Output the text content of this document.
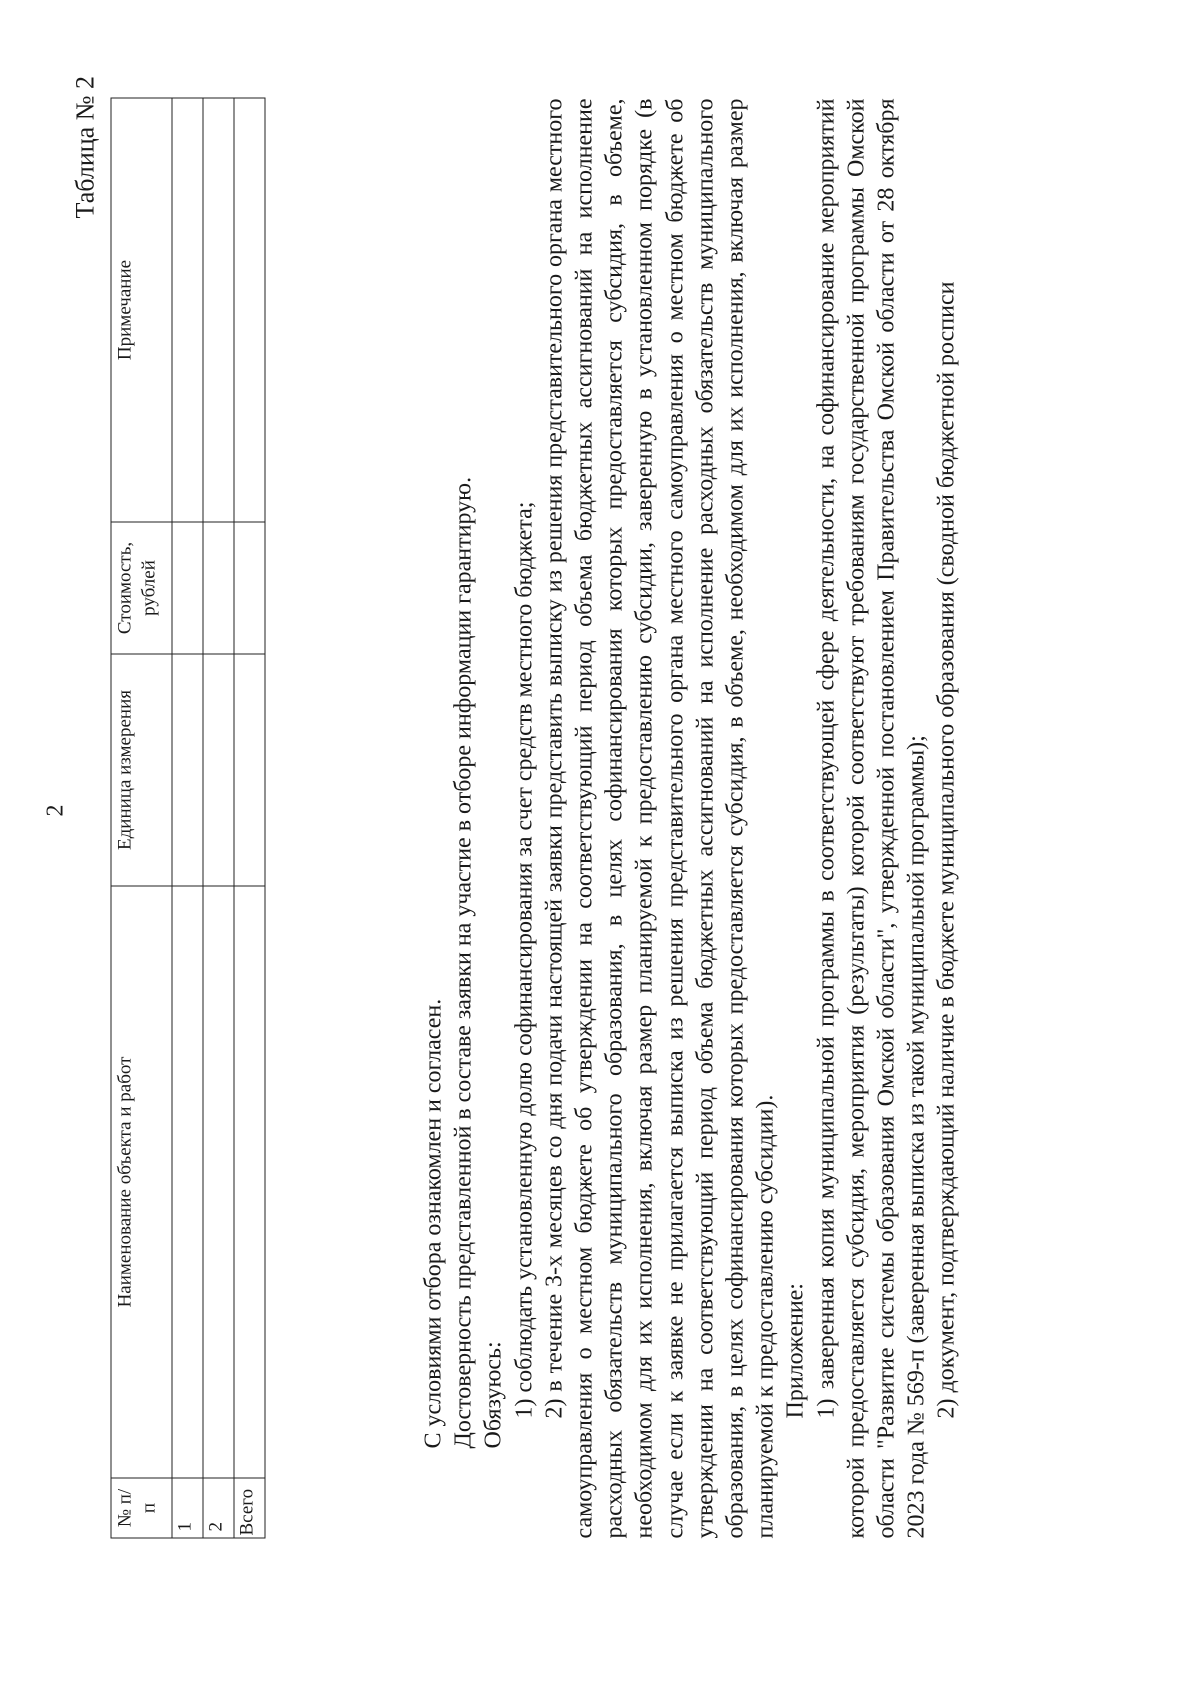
2
Таблица № 2
№ п/п	Наименование объекта и работ	Единица измерения	Стоимость, рублей	Примечание
1				
2				
Всего				

С условиями отбора ознакомлен и согласен. Достоверность представленной в составе заявки на участие в отборе информации гарантирую. Обязуюсь: 1) соблюдать установленную долю софинансирования за счет средств местного бюджета; 2) в течение 3-х месяцев со дня подачи настоящей заявки представить выписку из решения представительного органа местного самоуправления о местном бюджете об утверждении на соответствующий период объема бюджетных ассигнований на исполнение расходных обязательств муниципального образования, в целях софинансирования которых предоставляется субсидия, в объеме, необходимом для их исполнения, включая размер планируемой к предоставлению субсидии, заверенную в установленном порядке (в случае если к заявке не прилагается выписка из решения представительного органа местного самоуправления о местном бюджете об утверждении на соответствующий период объема бюджетных ассигнований на исполнение расходных обязательств муниципального образования, в целях софинансирования которых предоставляется субсидия, в объеме, необходимом для их исполнения, включая размер планируемой к предоставлению субсидии). Приложение: 1) заверенная копия муниципальной программы в соответствующей сфере деятельности, на софинансирование мероприятий которой предоставляется субсидия, мероприятия (результаты) которой соответствуют требованиям государственной программы Омской области "Развитие системы образования Омской области", утвержденной постановлением Правительства Омской области от 28 октября 2023 года № 569-п (заверенная выписка из такой муниципальной программы); 2) документ, подтверждающий наличие в бюджете муниципального образования (сводной бюджетной росписи
